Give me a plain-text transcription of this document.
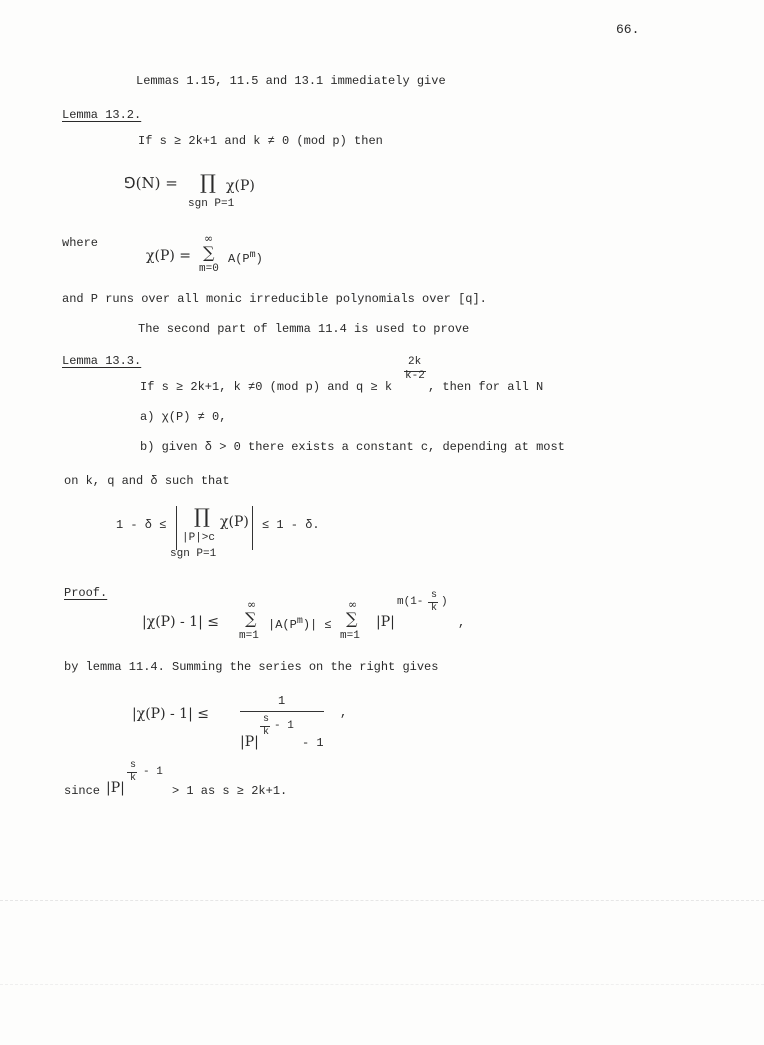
66.
Lemmas 1.15, 11.5 and 13.1 immediately give
Lemma 13.2.
If s ≥ 2k+1 and k ≠ 0 (mod p) then
⅁(N) = ∏ χ(P)
sgn P=1
where
χ(P) =
∞
∑
m=0
$A(P^m)$
and P runs over all monic irreducible polynomials over [q].
The second part of lemma 11.4 is used to prove
Lemma 13.3.
If s ≥ 2k+1, k ≠0 (mod p) and q ≥ k
2k
k-2
, then for all N
a) χ(P) ≠ 0,
b) given δ > 0 there exists a constant c, depending at most
on k, q and δ such that
1 - δ ≤ ∏ χ(P) ≤ 1 - δ.
|P|>c
sgn P=1
Proof.
|χ(P) - 1| ≤
∞
∑
m=1
$|A(P^m)|$ ≤
∞
∑
m=1
|P|
m(1-
s
k
)
,
by lemma 11.4. Summing the series on the right gives
|χ(P) - 1| ≤
1
|P|
s
k
- 1
- 1
,
since |P|
s
k
- 1
> 1 as s ≥ 2k+1.
